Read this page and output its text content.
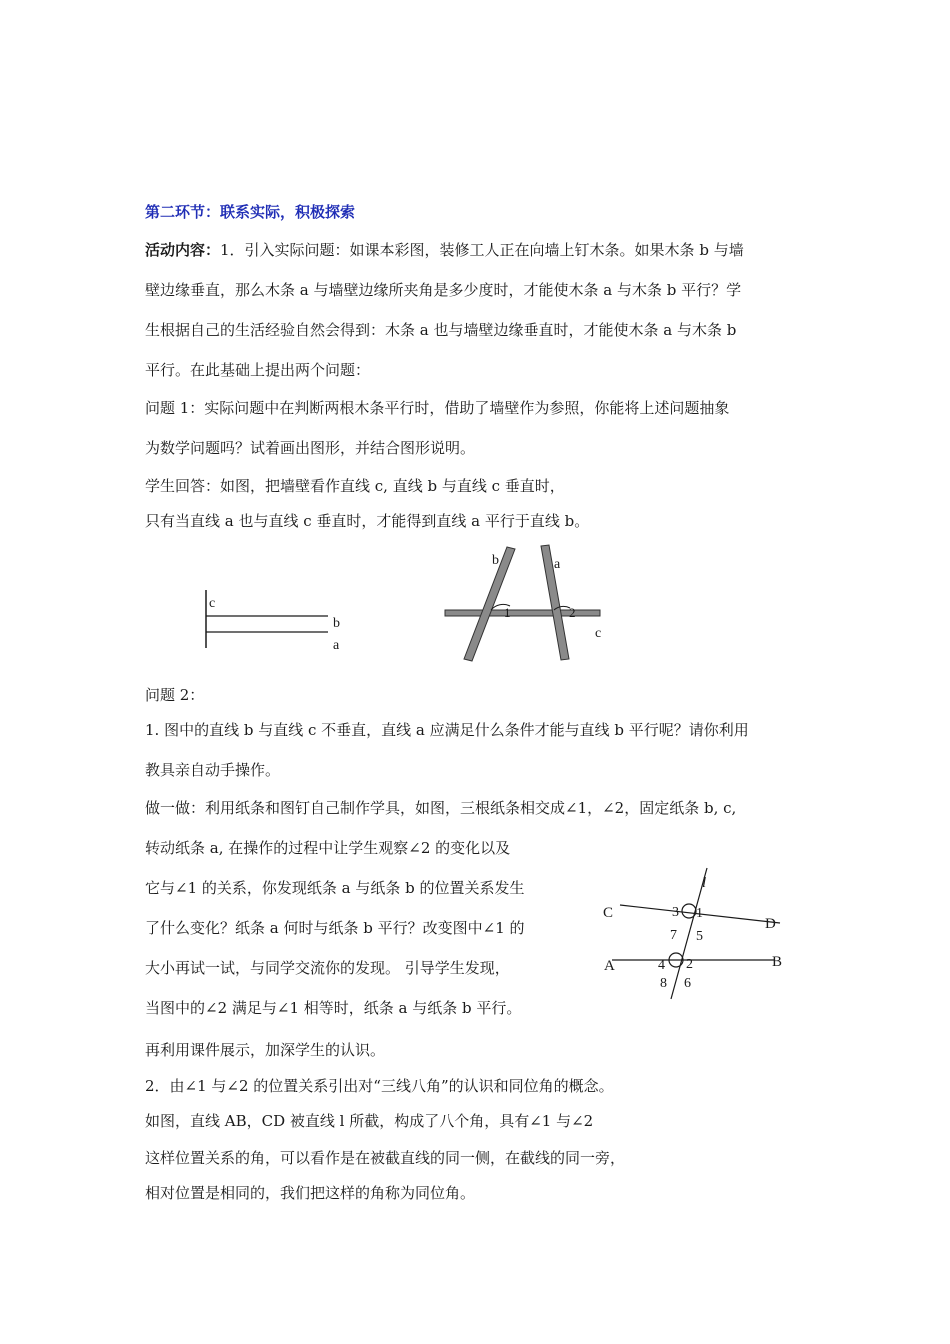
第二环节：联系实际，积极探索
活动内容：1．引入实际问题：如课本彩图，装修工人正在向墙上钉木条。如果木条 b 与墙
壁边缘垂直，那么木条 a 与墙壁边缘所夹角是多少度时，才能使木条 a 与木条 b 平行？学
生根据自己的生活经验自然会得到：木条 a 也与墙壁边缘垂直时，才能使木条 a 与木条 b
平行。在此基础上提出两个问题：
问题 1：实际问题中在判断两根木条平行时，借助了墙壁作为参照，你能将上述问题抽象
为数学问题吗？试着画出图形，并结合图形说明。
学生回答：如图，把墙壁看作直线 c, 直线 b 与直线 c 垂直时，
只有当直线 a 也与直线 c 垂直时，才能得到直线 a 平行于直线 b。
c
b
a
b	a
c
1	2
问题 2：
1. 图中的直线 b 与直线 c 不垂直，直线 a 应满足什么条件才能与直线 b 平行呢？请你利用
教具亲自动手操作。
做一做：利用纸条和图钉自己制作学具，如图，三根纸条相交成∠1，∠2，固定纸条 b, c,
转动纸条 a, 在操作的过程中让学生观察∠2 的变化以及
它与∠1 的关系，你发现纸条 a 与纸条 b 的位置关系发生
了什么变化？纸条 a 何时与纸条 b 平行？改变图中∠1 的
大小再试一试，与同学交流你的发现。 引导学生发现，
当图中的∠2 满足与∠1 相等时，纸条 a 与纸条 b 平行。
再利用课件展示，加深学生的认识。
2．由∠1 与∠2 的位置关系引出对“三线八角”的认识和同位角的概念。
如图，直线 AB，CD 被直线 l 所截，构成了八个角，具有∠1 与∠2
这样位置关系的角，可以看作是在被截直线的同一侧，在截线的同一旁，
相对位置是相同的，我们把这样的角称为同位角。
l
C
D
A	B
3 1
7 5
4 2
8 6
